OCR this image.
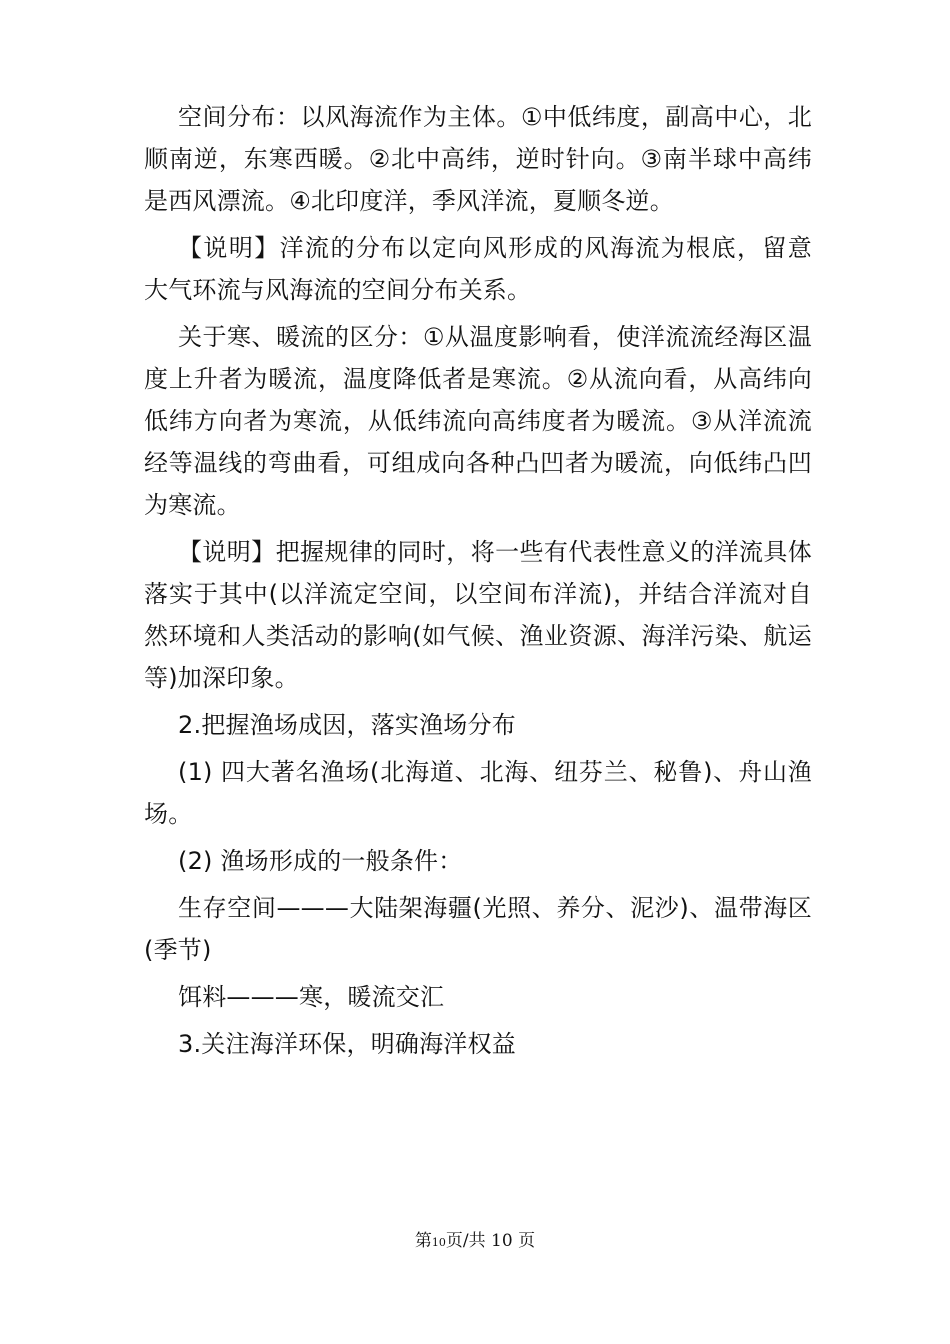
空间分布：以风海流作为主体。①中低纬度，副高中心，北顺南逆，东寒西暖。②北中高纬，逆时针向。③南半球中高纬是西风漂流。④北印度洋，季风洋流，夏顺冬逆。

【说明】洋流的分布以定向风形成的风海流为根底，留意 大气环流与风海流的空间分布关系。

关于寒、暖流的区分：①从温度影响看，使洋流流经海区温度上升者为暖流，温度降低者是寒流。②从流向看，从高纬向低纬方向者为寒流，从低纬流向高纬度者为暖流。③从洋流流经等温线的弯曲看，可组成向各种凸凹者为暖流，向低纬凸凹为寒流。

【说明】把握规律的同时，将一些有代表性意义的洋流具体落实于其中(以洋流定空间，以空间布洋流)，并结合洋流对自然环境和人类活动的影响(如气候、渔业资源、海洋污染、航运等)加深印象。

2.把握渔场成因，落实渔场分布

(1) 四大著名渔场(北海道、北海、纽芬兰、秘鲁)、舟山渔场。

(2) 渔场形成的一般条件：

生存空间———大陆架海疆(光照、养分、泥沙)、温带海区(季节)

饵料———寒，暖流交汇

3.关注海洋环保，明确海洋权益

第10页/共 10 页
